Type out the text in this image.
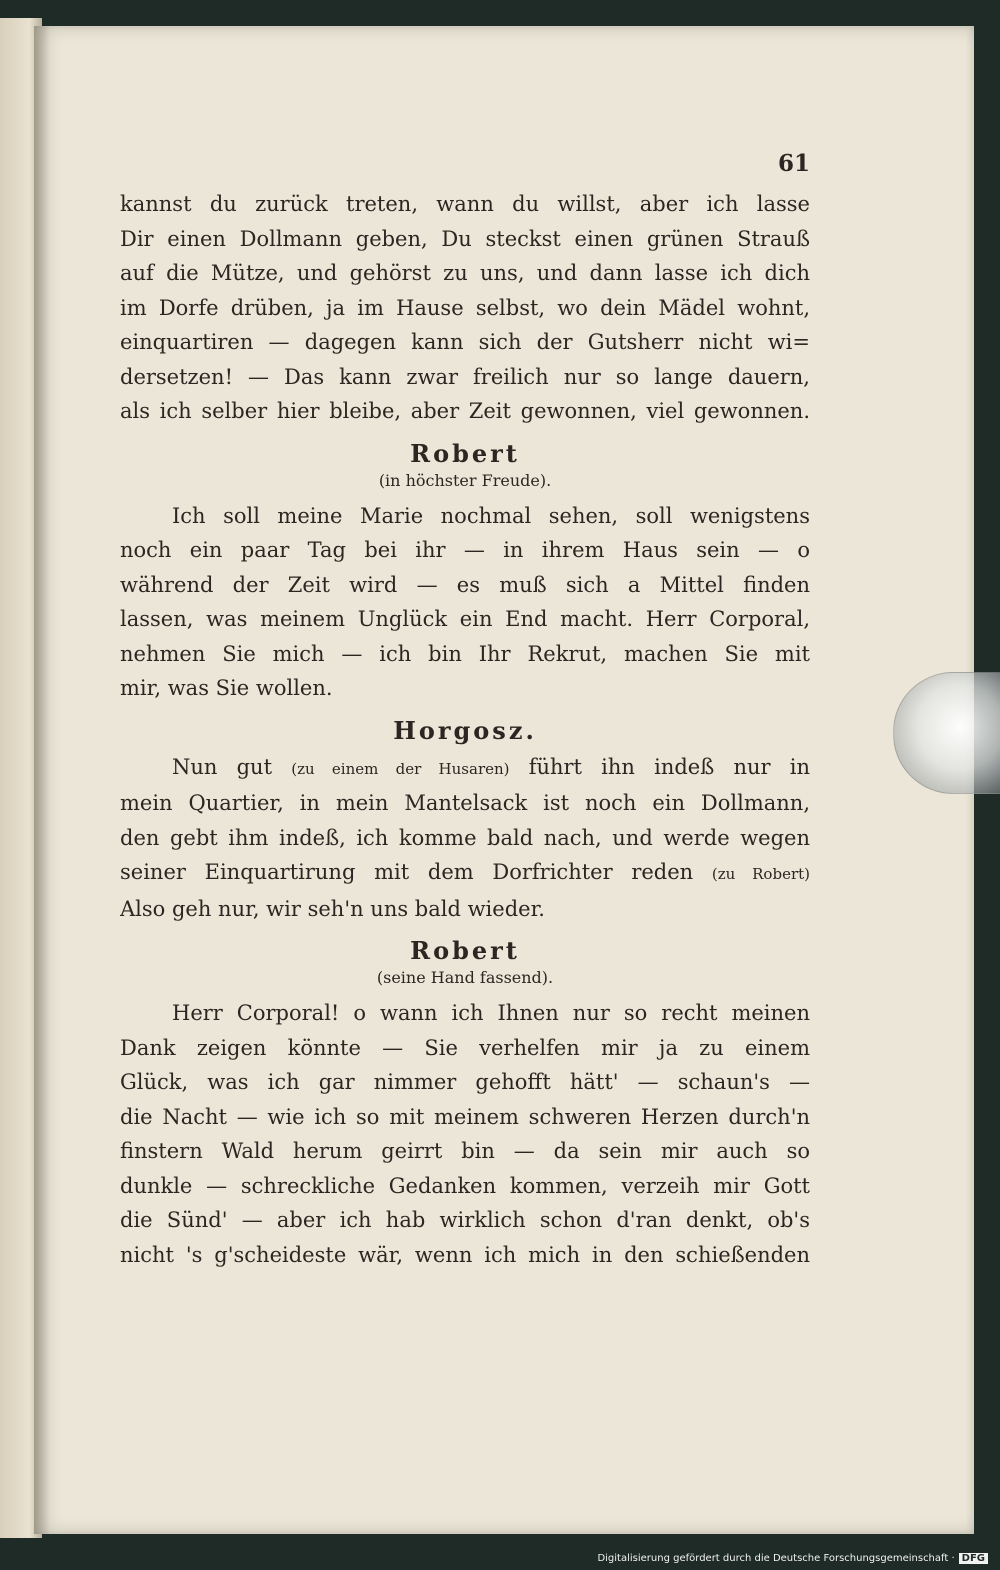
61
kannst du zurück treten, wann du willst, aber ich lasse
Dir einen Dollmann geben, Du steckst einen grünen Strauß
auf die Mütze, und gehörst zu uns, und dann lasse ich dich
im Dorfe drüben, ja im Hause selbst, wo dein Mädel wohnt,
einquartiren — dagegen kann sich der Gutsherr nicht wi=
dersetzen! — Das kann zwar freilich nur so lange dauern,
als ich selber hier bleibe, aber Zeit gewonnen, viel gewonnen.
Robert
(in höchster Freude).
Ich soll meine Marie nochmal sehen, soll wenigstens
noch ein paar Tag bei ihr — in ihrem Haus sein — o
während der Zeit wird — es muß sich a Mittel finden
lassen, was meinem Unglück ein End macht. Herr Corporal,
nehmen Sie mich — ich bin Ihr Rekrut, machen Sie mit
mir, was Sie wollen.
Horgosz.
Nun gut (zu einem der Husaren) führt ihn indeß nur in
mein Quartier, in mein Mantelsack ist noch ein Dollmann,
den gebt ihm indeß, ich komme bald nach, und werde wegen
seiner Einquartirung mit dem Dorfrichter reden (zu Robert)
Also geh nur, wir seh'n uns bald wieder.
Robert
(seine Hand fassend).
Herr Corporal! o wann ich Ihnen nur so recht meinen
Dank zeigen könnte — Sie verhelfen mir ja zu einem
Glück, was ich gar nimmer gehofft hätt' — schaun's —
die Nacht — wie ich so mit meinem schweren Herzen durch'n
finstern Wald herum geirrt bin — da sein mir auch so
dunkle — schreckliche Gedanken kommen, verzeih mir Gott
die Sünd' — aber ich hab wirklich schon d'ran denkt, ob's
nicht 's g'scheideste wär, wenn ich mich in den schießenden
Digitalisierung gefördert durch die Deutsche Forschungsgemeinschaft · DFG
